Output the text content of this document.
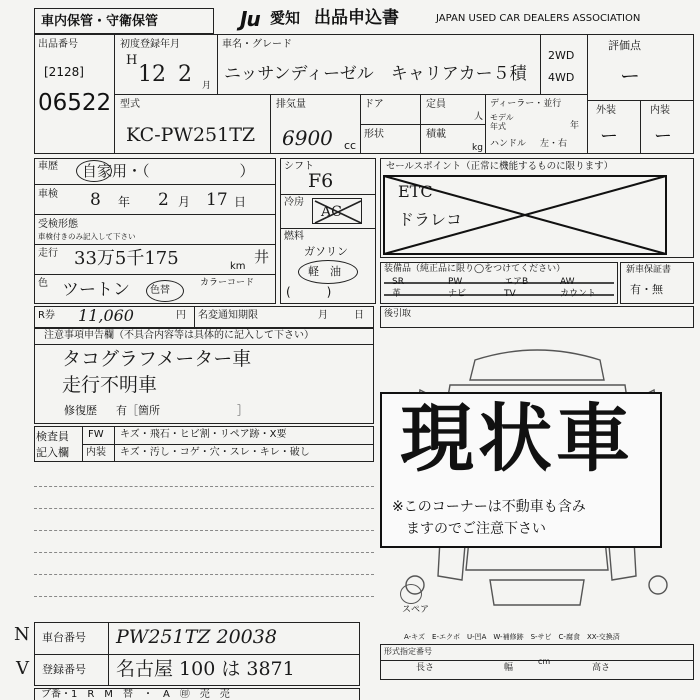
車内保管・守衛保管	Ju 愛知 出品申込書	JAPAN USED CAR DEALERS ASSOCIATION
出品番号
[2128]
06522
初度登録年月
H
12 2 月
車名・グレード
ニッサンディーゼル　キャリアカー５積
2WD
4WD
評価点
ー
外装	内装
ー ー
型式
KC-PW251TZ
排気量
6900 cc
ドア	定員
人
形状	積載
kg
ディーラー・並行
モデル
年式	年
ハンドル 左・右
車歴 自家用・（　　　　　　）
車検 8 年 2 月 17 日
受検形態
車検付きのみ記入して下さい
走行 33万5千175	km
井
色 ツートン 色替
カラーコード
シフト
F6
冷房
AC
燃料
ガソリン
軽　油
(　　　)
セールスポイント（正常に機能するものに限ります）
ETC
ドラレコ
装備品（純正品に限り◯をつけてください）
SR	PW	エアB	AW
革	ナビ	TV	カウント
新車保証書
有・無
R券 11,060	円 名変通知期限	月	日 後引取
注意事項申告欄（不具合内容等は具体的に記入して下さい）
タコグラフメーター車
走行不明車
修復歴 有［箇所　　　　　　　］
検査員
記入欄
FW キズ・飛石・ヒビ割・リペア跡・X要
内装 キズ・汚し・コゲ・穴・スレ・キレ・破し
スペア
現状車
※このコーナーは不動車も含み
ますのでご注意下さい
A-キズ　E-エクボ　U-凹A　W-補修跡　S-サビ　C-腐食　XX-交換済
形式指定番号
長さ	幅	高さ
cm
車台番号 PW251TZ 20038
登録番号 名古屋 100 は 3871
N
V
ブ番・1　R　M　替　・　A　㊞　売　売
